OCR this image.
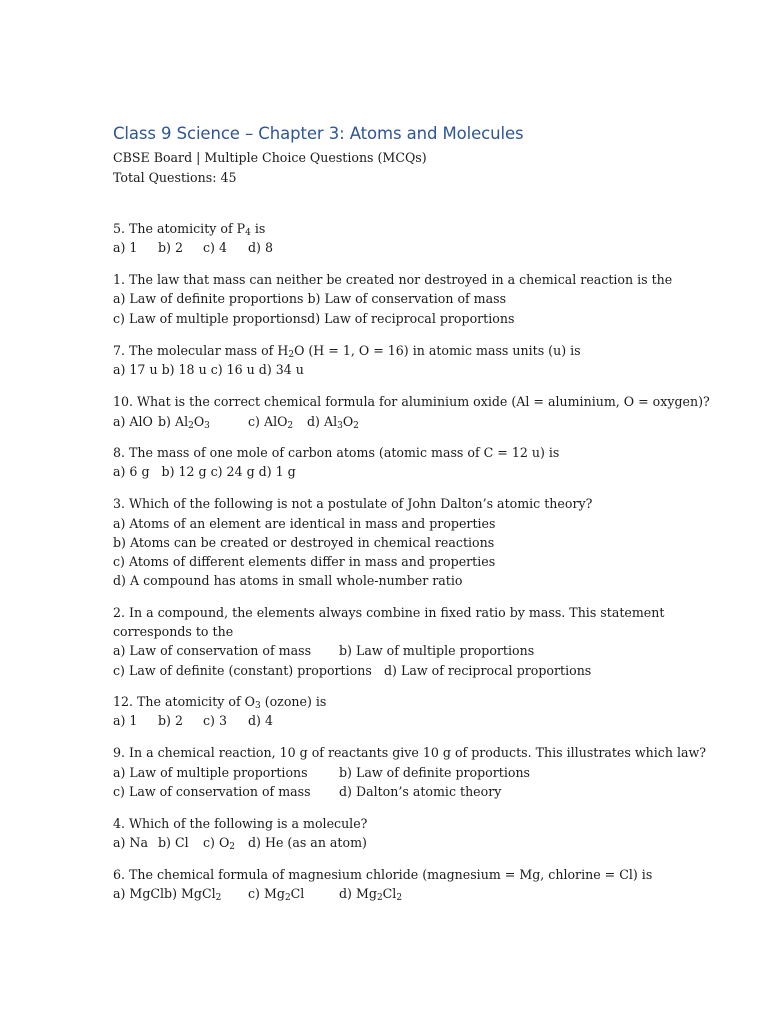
Class 9 Science – Chapter 3: Atoms and Molecules
CBSE Board | Multiple Choice Questions (MCQs)
Total Questions: 45
5. The atomicity of $P_4$ is
a) 1 b) 2 c) 4 d) 8
1. The law that mass can neither be created nor destroyed in a chemical reaction is the
a) Law of definite proportions b) Law of conservation of mass
c) Law of multiple proportionsd) Law of reciprocal proportions
7. The molecular mass of $H_2O$ (H = 1, O = 16) in atomic mass units (u) is
a) 17 u b) 18 u c) 16 u d) 34 u
10. What is the correct chemical formula for aluminium oxide (Al = aluminium, O = oxygen)?
a) AlO b) $Al_2O_3$	c) AlO$_2$ d) $Al_3O_2$
8. The mass of one mole of carbon atoms (atomic mass of C = 12 u) is
a) 6 g   b) 12 g c) 24 g d) 1 g
3. Which of the following is not a postulate of John Dalton’s atomic theory?
a) Atoms of an element are identical in mass and properties
b) Atoms can be created or destroyed in chemical reactions
c) Atoms of different elements differ in mass and properties
d) A compound has atoms in small whole-number ratio
2. In a compound, the elements always combine in fixed ratio by mass. This statement
corresponds to the
a) Law of conservation of mass b) Law of multiple proportions
c) Law of definite (constant) proportions d) Law of reciprocal proportions
12. The atomicity of $O_3$ (ozone) is
a) 1 b) 2 c) 3 d) 4
9. In a chemical reaction, 10 g of reactants give 10 g of products. This illustrates which law?
a) Law of multiple proportions b) Law of definite proportions
c) Law of conservation of mass d) Dalton’s atomic theory
4. Which of the following is a molecule?
a) Na b) Cl c) $O_2$ d) He (as an atom)
6. The chemical formula of magnesium chloride (magnesium = Mg, chlorine = Cl) is
a) MgClb) MgCl$_2$ c) $Mg_2Cl$	d) $Mg_2Cl_2$
